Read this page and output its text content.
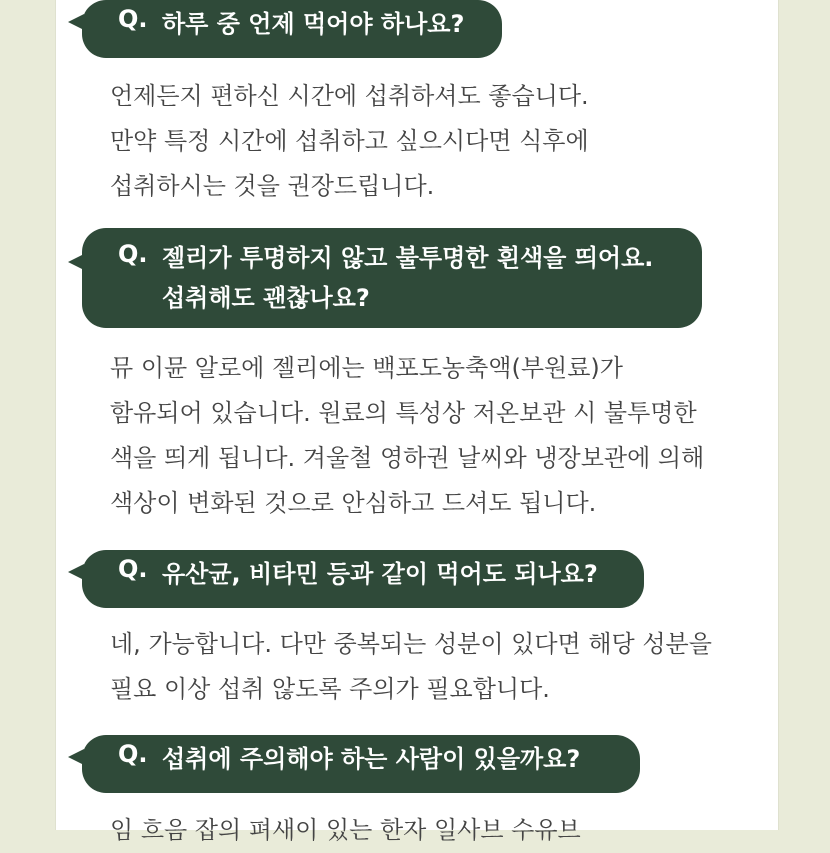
Q. 하루 중 언제 먹어야 하나요?
언제든지 편하신 시간에 섭취하셔도 좋습니다.
만약 특정 시간에 섭취하고 싶으시다면 식후에
섭취하시는 것을 권장드립니다.
Q. 젤리가 투명하지 않고 불투명한 흰색을 띄어요.
섭취해도 괜찮나요?
뮤 이뮨 알로에 젤리에는 백포도농축액(부원료)가
함유되어 있습니다. 원료의 특성상 저온보관 시 불투명한
색을 띄게 됩니다. 겨울철 영하권 날씨와 냉장보관에 의해
색상이 변화된 것으로 안심하고 드셔도 됩니다.
Q. 유산균, 비타민 등과 같이 먹어도 되나요?
네, 가능합니다. 다만 중복되는 성분이 있다면 해당 성분을
필요 이상 섭취 않도록 주의가 필요합니다.
Q. 섭취에 주의해야 하는 사람이 있을까요?
임 흐음 잡의 펴새이 있는 한자 일사브 수유브
